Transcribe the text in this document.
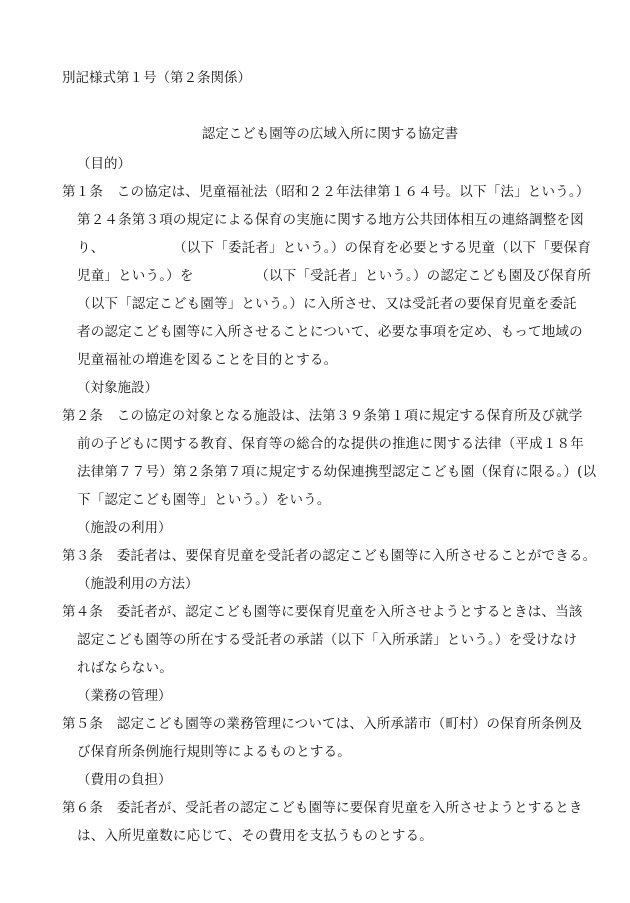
別記様式第１号（第２条関係）
認定こども園等の広域入所に関する協定書
（目的）
第１条　この協定は、児童福祉法（昭和２２年法律第１６４号。以下「法」という。）
第２４条第３項の規定による保育の実施に関する地方公共団体相互の連絡調整を図
り、　　　　　　（以下「委託者」という。）の保育を必要とする児童（以下「要保育
児童」という。）を　　　　　（以下「受託者」という。）の認定こども園及び保育所
（以下「認定こども園等」という。）に入所させ、又は受託者の要保育児童を委託
者の認定こども園等に入所させることについて、必要な事項を定め、もって地域の
児童福祉の増進を図ることを目的とする。
（対象施設）
第２条　この協定の対象となる施設は、法第３９条第１項に規定する保育所及び就学
前の子どもに関する教育、保育等の総合的な提供の推進に関する法律（平成１８年
法律第７７号）第２条第７項に規定する幼保連携型認定こども園（保育に限る。）(以
下「認定こども園等」という。）をいう。
（施設の利用）
第３条　委託者は、要保育児童を受託者の認定こども園等に入所させることができる。
（施設利用の方法）
第４条　委託者が、認定こども園等に要保育児童を入所させようとするときは、当該
認定こども園等の所在する受託者の承諾（以下「入所承諾」という。）を受けなけ
ればならない。
（業務の管理）
第５条　認定こども園等の業務管理については、入所承諾市（町村）の保育所条例及
び保育所条例施行規則等によるものとする。
（費用の負担）
第６条　委託者が、受託者の認定こども園等に要保育児童を入所させようとするとき
は、入所児童数に応じて、その費用を支払うものとする。
